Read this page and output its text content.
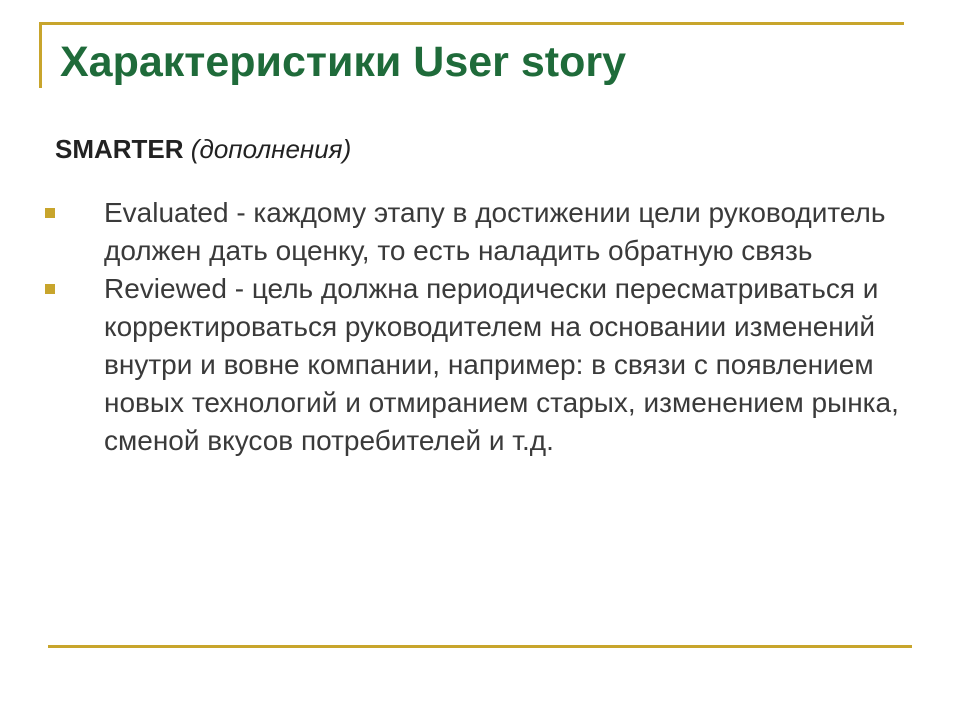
Характеристики User story
SMARTER (дополнения)
Evaluated - каждому этапу в достижении цели руководитель должен дать оценку, то есть наладить обратную связь
Reviewed - цель должна периодически пересматриваться и корректироваться руководителем на основании изменений внутри и вовне компании, например: в связи с появлением новых технологий и отмиранием старых, изменением рынка, сменой вкусов потребителей и т.д.
